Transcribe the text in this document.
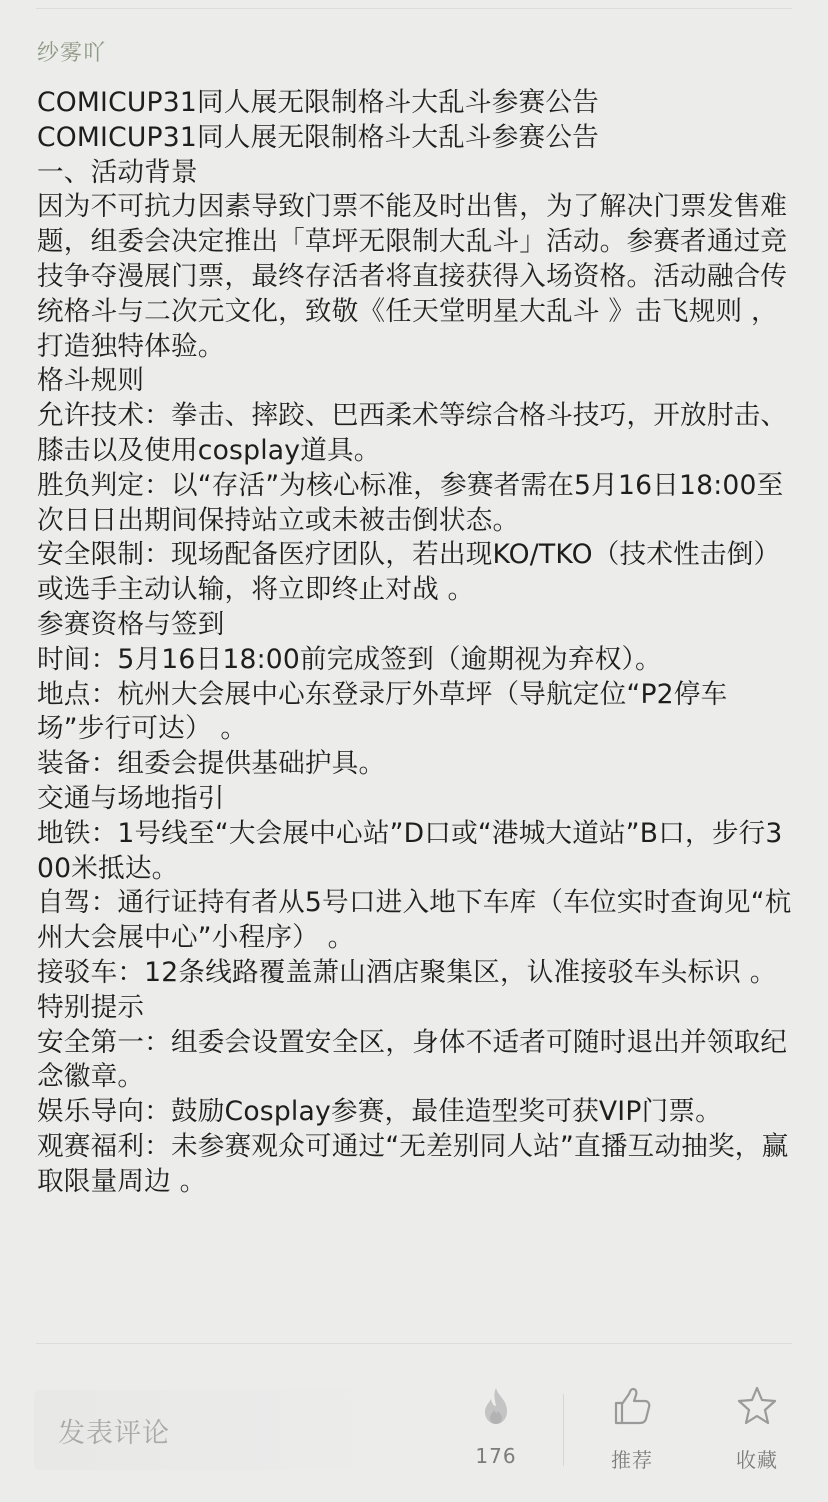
纱雾吖

COMICUP31同人展无限制格斗大乱斗参赛公告

COMICUP31同人展无限制格斗大乱斗参赛公告

一、活动背景

因为不可抗力因素导致门票不能及时出售，为了解决门票发售难题，组委会决定推出「草坪无限制大乱斗」活动。参赛者通过竞技争夺漫展门票，最终存活者将直接获得入场资格。活动融合传统格斗与二次元文化，致敬《任天堂明星大乱斗 》击飞规则 ，打造独特体验。

格斗规则

允许技术：拳击、摔跤、巴西柔术等综合格斗技巧，开放肘击、膝击以及使用cosplay道具。

胜负判定：以“存活”为核心标准，参赛者需在5月16日18:00至次日日出期间保持站立或未被击倒状态。

安全限制：现场配备医疗团队，若出现KO/TKO（技术性击倒）或选手主动认输，将立即终止对战 。

参赛资格与签到

时间：5月16日18:00前完成签到（逾期视为弃权）。

地点：杭州大会展中心东登录厅外草坪（导航定位“P2停车场”步行可达） 。

装备：组委会提供基础护具。

交通与场地指引

地铁：1号线至“大会展中心站”D口或“港城大道站”B口，步行300米抵达。

自驾：通行证持有者从5号口进入地下车库（车位实时查询见“杭州大会展中心”小程序） 。

接驳车：12条线路覆盖萧山酒店聚集区，认准接驳车头标识 。

特别提示

安全第一：组委会设置安全区，身体不适者可随时退出并领取纪念徽章。

娱乐导向：鼓励Cosplay参赛，最佳造型奖可获VIP门票。

观赛福利：未参赛观众可通过“无差别同人站”直播互动抽奖，赢取限量周边 。

发表评论
176	推荐	收藏
